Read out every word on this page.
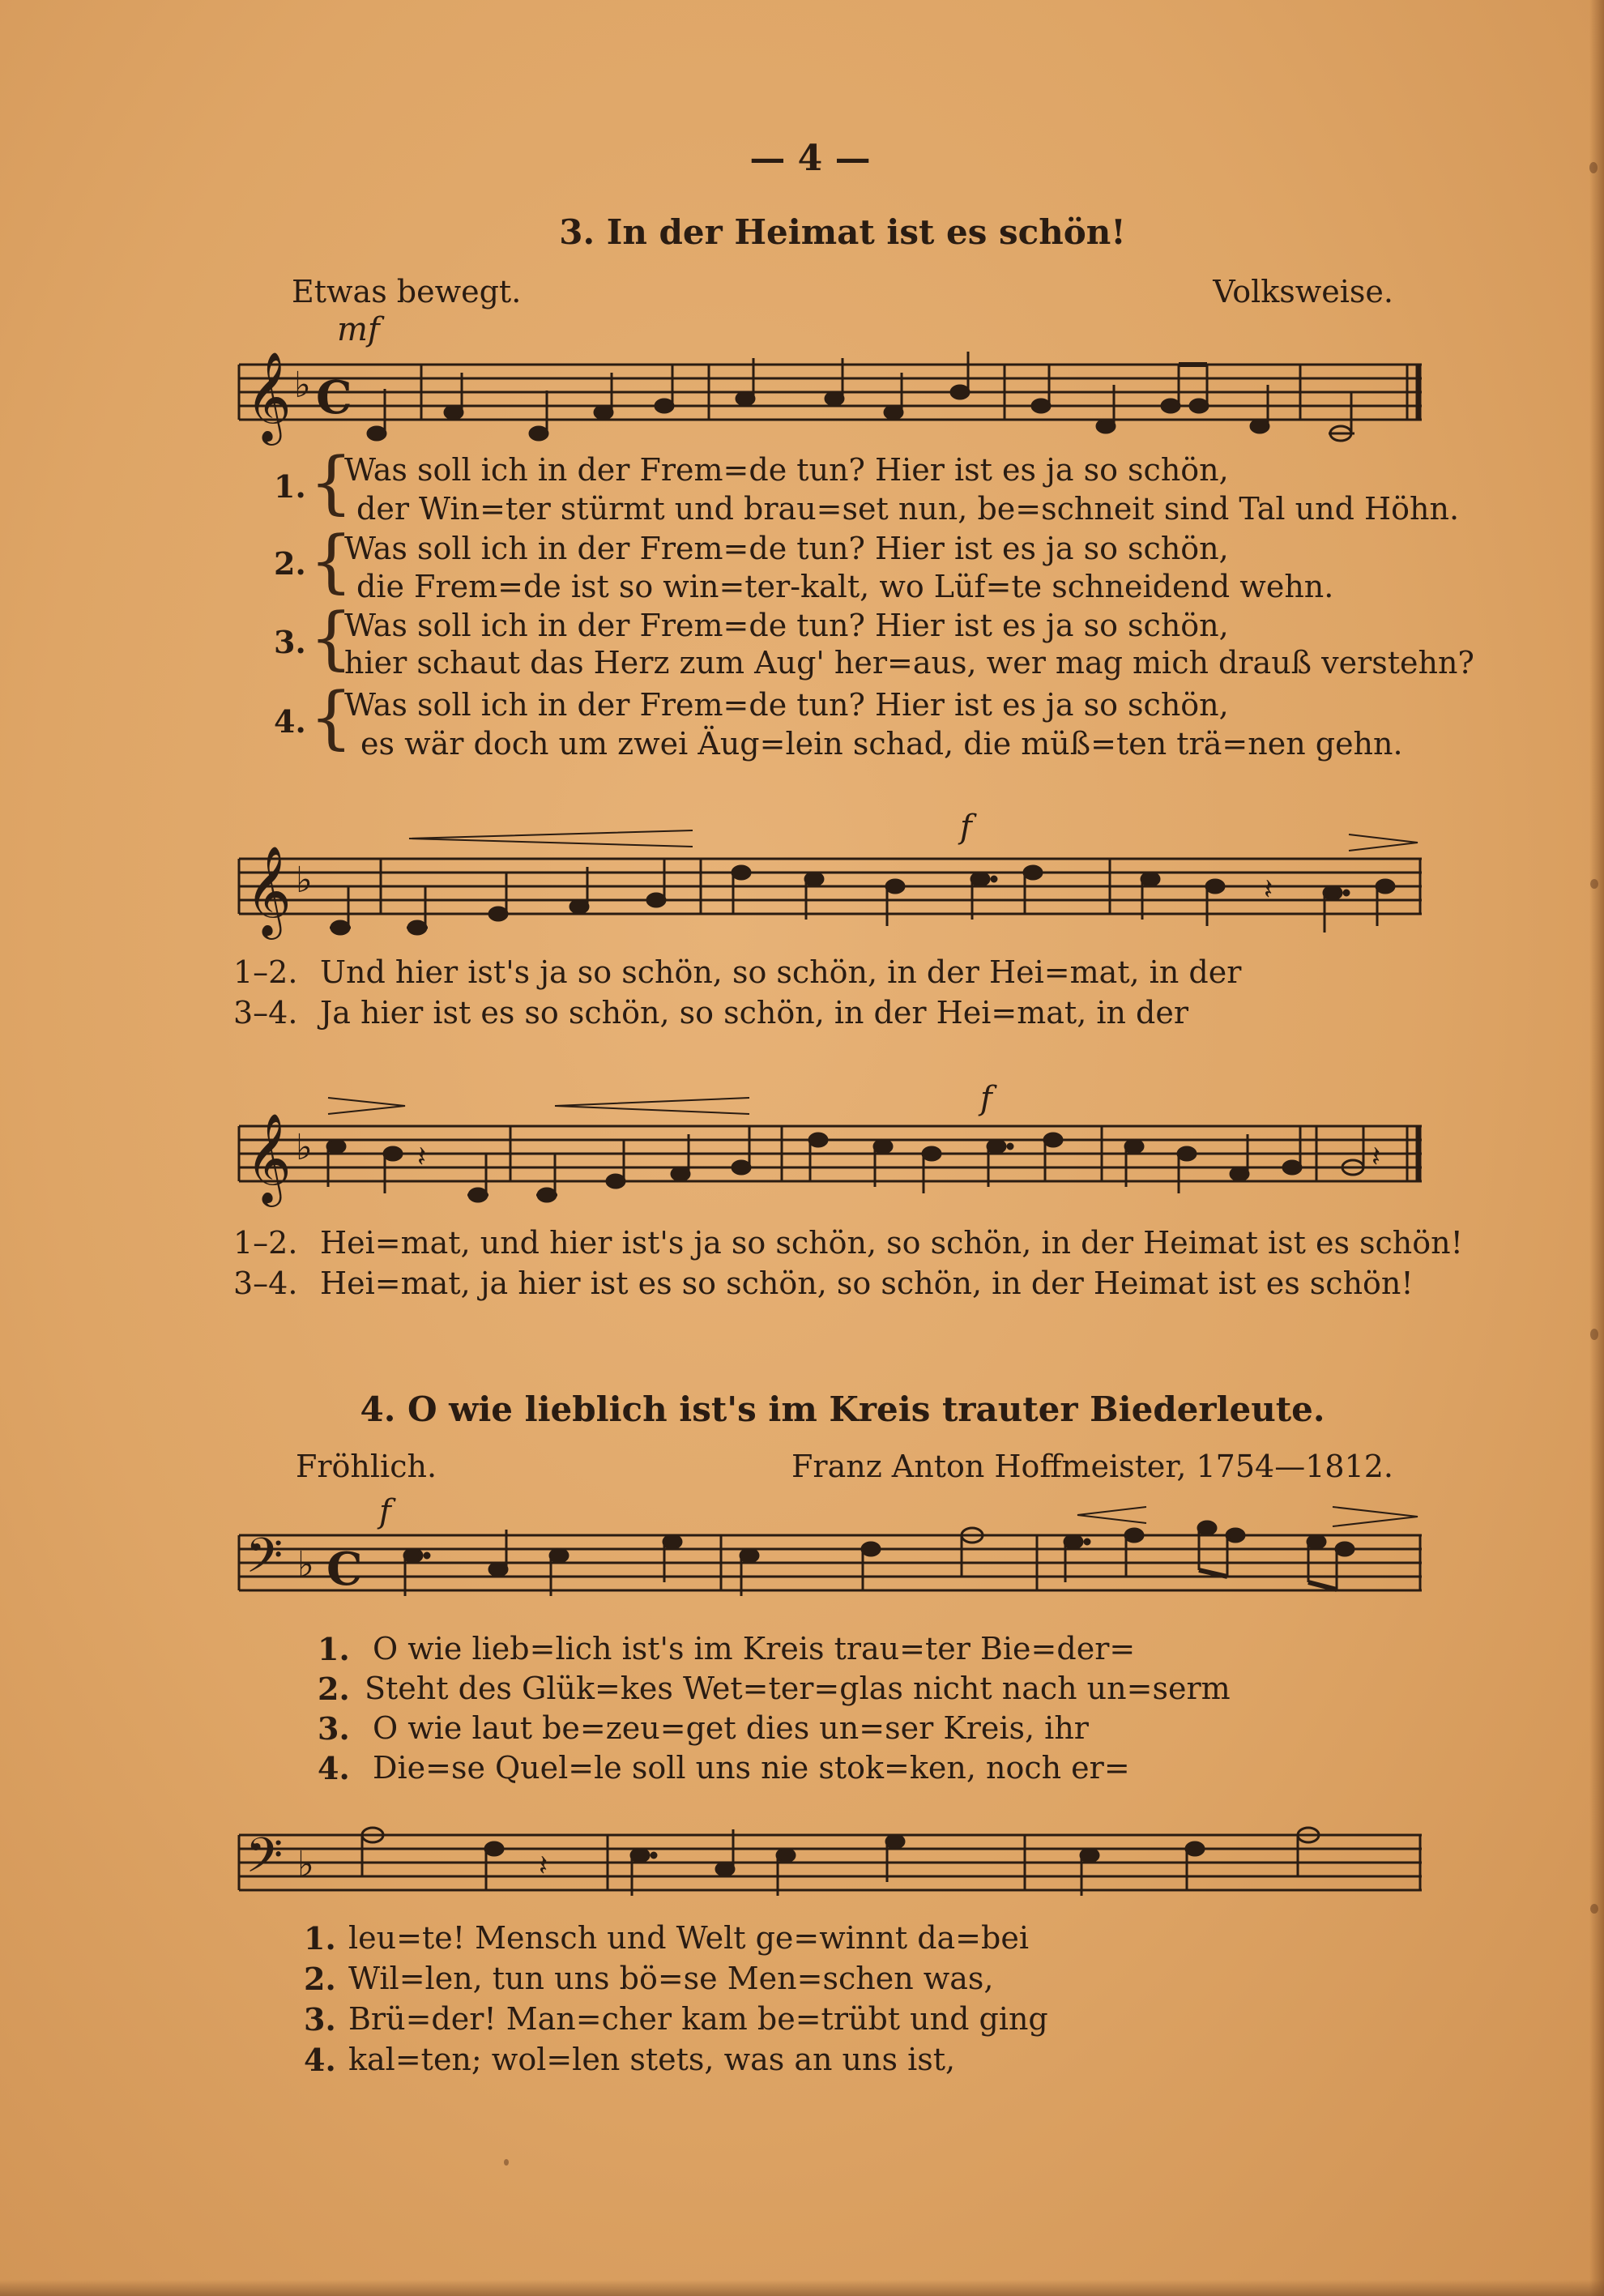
— 4 —
3. In der Heimat ist es schön!
Etwas bewegt.	Volksweise.
mf
𝄞 ♭ C
1. {
Was soll ich in der Frem=de tun? Hier ist es ja so schön,
der Win=ter stürmt und brau=set nun, be=schneit sind Tal und Höhn.
2. {
Was soll ich in der Frem=de tun? Hier ist es ja so schön,
die Frem=de ist so win=ter-kalt, wo Lüf=te schneidend wehn.
3. {
Was soll ich in der Frem=de tun? Hier ist es ja so schön,
hier schaut das Herz zum Aug' her=aus, wer mag mich drauß verstehn?
4. {
Was soll ich in der Frem=de tun? Hier ist es ja so schön,
es wär doch um zwei Äug=lein schad, die müß=ten trä=nen gehn.
f
𝄞 ♭	𝄽
1–2. Und hier ist's ja so schön, so schön, in der Hei=mat, in der
3–4. Ja hier ist es so schön, so schön, in der Hei=mat, in der
f
𝄞 ♭	𝄽	𝄽
1–2. Hei=mat, und hier ist's ja so schön, so schön, in der Heimat ist es schön!
3–4. Hei=mat, ja hier ist es so schön, so schön, in der Heimat ist es schön!
4. O wie lieblich ist's im Kreis trauter Biederleute.
Fröhlich.	Franz Anton Hoffmeister, 1754—1812.
f
𝄢 ♭ C
1. O wie lieb=lich ist's im Kreis trau=ter Bie=der=
2. Steht des Glük=kes Wet=ter=glas nicht nach un=serm
3. O wie laut be=zeu=get dies un=ser Kreis, ihr
4. Die=se Quel=le soll uns nie stok=ken, noch er=
𝄢 ♭	𝄽
1. leu=te! Mensch und Welt ge=winnt da=bei
2. Wil=len, tun uns bö=se Men=schen was,
3. Brü=der! Man=cher kam be=trübt und ging
4. kal=ten; wol=len stets, was an uns ist,
